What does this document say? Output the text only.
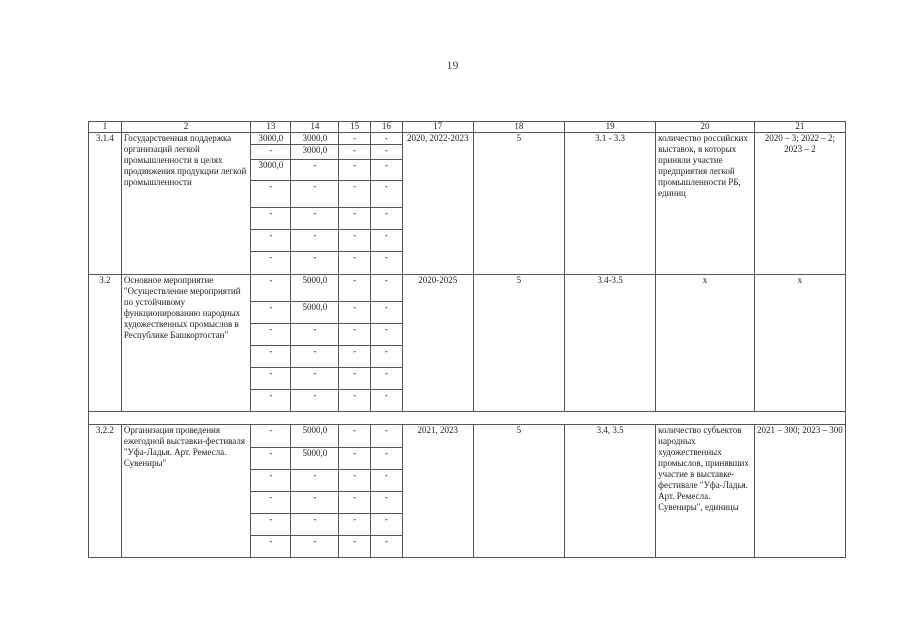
19
1	2	13	14	15	16	17	18	19	20	21
3.1.4	Государственная поддержка организаций легкой промышленности в целях продвижения продукции легкой промышленности	3000,0	3000,0	-	-	2020, 2022-2023	5	3.1 - 3.3	количество российских выставок, в которых приняли участие предприятия легкой промышленности РБ, единиц	2020 – 3; 2022 – 2; 2023 – 2
		-	3000,0	-	-					
		3000,0	-	-	-					
		-	-	-	-					
		-	-	-	-					
		-	-	-	-					
		-	-	-	-					
3.2	Основное мероприятие "Осуществление мероприятий по устойчивому функционированию народных художественных промыслов в Республике Башкортостан"	-	5000,0	-	-	2020-2025	5	3.4-3.5	x	x
		-	5000,0	-	-					
		-	-	-	-					
		-	-	-	-					
		-	-	-	-					
		-	-	-	-					

3.2.2	Организация проведения ежегодной выставки-фестиваля "Уфа-Ладья. Арт. Ремесла. Сувениры"	-	5000,0	-	-	2021, 2023	5	3.4, 3.5	количество субъектов народных художественных промыслов, принявших участие в выставке-фестивале "Уфа-Ладья. Арт. Ремесла. Сувениры", единицы	2021 – 300; 2023 – 300
		-	5000,0	-	-					
		-	-	-	-					
		-	-	-	-					
		-	-	-	-					
		-	-	-	-					
